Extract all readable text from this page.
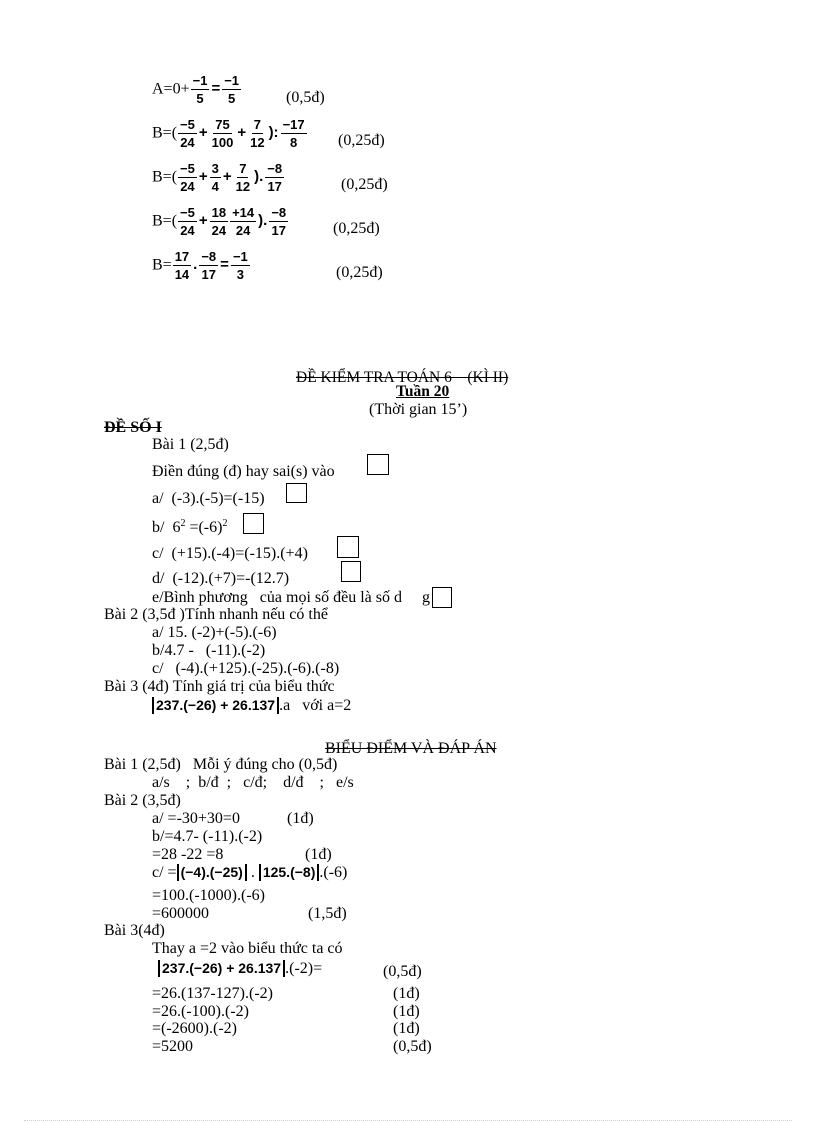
$A=0+ \frac{-1}{5} = \frac{-1}{5}$	(0,5đ)
$B=( \frac{-5}{24} + \frac{75}{100} + \frac{7}{12}$ ): $\frac{-17}{8}$ (0,25đ)
$B=( \frac{-5}{24} + \frac{3}{4} + \frac{7}{12}$ ). $\frac{-8}{17}$	(0,25đ)
$B=( \frac{-5}{24} + \frac{18}{24} \frac{+14}{24}$ ). $\frac{-8}{17}$	(0,25đ)
$B= \frac{17}{14}$ . $\frac{-8}{17} = \frac{-1}{3}$	(0,25đ)
ĐỀ KIỂM TRA TOÁN 6    (KÌ II)
Tuần 20
(Thời gian 15’)
ĐỀ SỐ I
Bài 1 (2,5đ)
Điền đúng (đ) hay sai(s) vào
a/  (-3).(-5)=(-15)
b/  $6^2 =(-6)^2$
c/  (+15).(-4)=(-15).(+4)
d/  (-12).(+7)=-(12.7)
e/Bình phương   của mọi số đều là số d g
Bài 2 (3,5đ )Tính nhanh nếu có thể
a/ 15. (-2)+(-5).(-6)
b/4.7 -   (-11).(-2)
c/   (-4).(+125).(-25).(-6).(-8)
Bài 3 (4đ) Tính giá trị của biểu thức
237.(−26) + 26.137 .a   với a=2
BIỂU ĐIỂM VÀ ĐÁP ÁN
Bài 1 (2,5đ)   Mỗi ý đúng cho (0,5đ)
a/s    ;  b/đ  ;   c/đ;    d/đ    ;   e/s
Bài 2 (3,5đ)
a/ =-30+30=0	(1đ)
b/=4.7- (-11).(-2)
=28 -22 =8	(1đ)
c/ = (−4).(−25) . 125.(−8) .(-6)
=100.(-1000).(-6)
=600000	(1,5đ)
Bài 3(4đ)
Thay a =2 vào biểu thức ta có
237.(−26) + 26.137 .(-2)=	(0,5đ)
=26.(137-127).(-2)	(1đ)
=26.(-100).(-2)	(1đ)
=(-2600).(-2)	(1đ)
=5200	(0,5đ)
